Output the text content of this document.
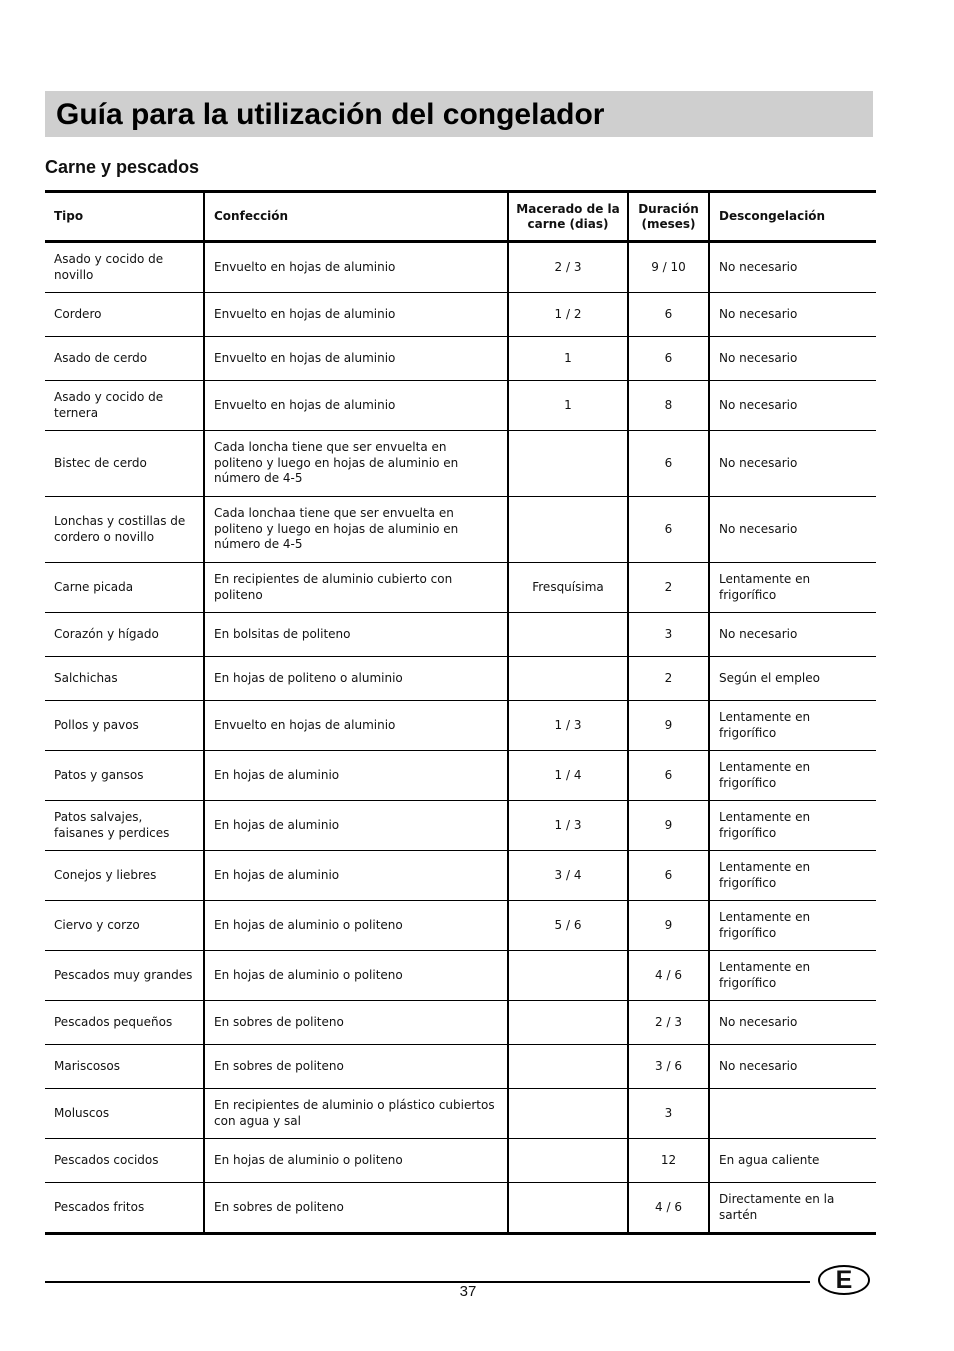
Guía para la utilización del congelador
Carne y pescados
Tipo	Confección	Macerado de la carne (dias)	Duración (meses)	Descongelación
Asado y cocido de novillo	Envuelto en hojas de aluminio	2 / 3	9 / 10	No necesario
Cordero	Envuelto en hojas de aluminio	1 / 2	6	No necesario
Asado de cerdo	Envuelto en hojas de aluminio	1	6	No necesario
Asado y cocido de ternera	Envuelto en hojas de aluminio	1	8	No necesario
Bistec de cerdo	Cada loncha tiene que ser envuelta en politeno y luego en hojas de aluminio en número de 4-5		6	No necesario
Lonchas y costillas de cordero o novillo	Cada lonchaa tiene que ser envuelta en politeno y luego en hojas de aluminio en número de 4-5		6	No necesario
Carne picada	En recipientes de aluminio cubierto con politeno	Fresquísima	2	Lentamente en frigorífico
Corazón y hígado	En bolsitas de politeno		3	No necesario
Salchichas	En hojas de politeno o aluminio		2	Según el empleo
Pollos y pavos	Envuelto en hojas de aluminio	1 / 3	9	Lentamente en frigorífico
Patos y gansos	En hojas de aluminio	1 / 4	6	Lentamente en frigorífico
Patos salvajes, faisanes y perdices	En hojas de aluminio	1 / 3	9	Lentamente en frigorífico
Conejos y liebres	En hojas de aluminio	3 / 4	6	Lentamente en frigorífico
Ciervo y corzo	En hojas de aluminio o politeno	5 / 6	9	Lentamente en frigorífico
Pescados muy grandes	En hojas de aluminio o politeno		4 / 6	Lentamente en frigorífico
Pescados pequeños	En sobres de politeno		2 / 3	No necesario
Mariscosos	En sobres de politeno		3 / 6	No necesario
Moluscos	En recipientes de aluminio o plástico cubiertos con agua y sal		3	
Pescados cocidos	En hojas de aluminio o politeno		12	En agua caliente
Pescados fritos	En sobres de politeno		4 / 6	Directamente en la sartén
37	E
